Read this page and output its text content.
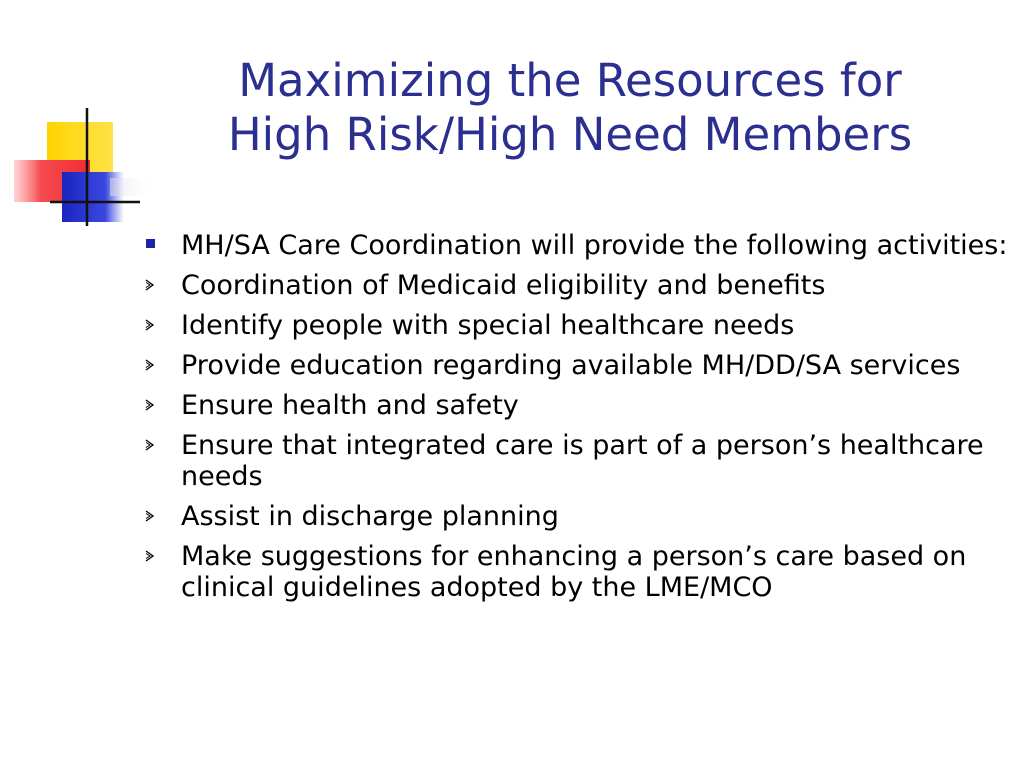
Maximizing the Resources for
High Risk/High Need Members
MH/SA Care Coordination will provide the following activities:
Coordination of Medicaid eligibility and benefits
Identify people with special healthcare needs
Provide education regarding available MH/DD/SA services
Ensure health and safety
Ensure that integrated care is part of a person’s healthcare needs
Assist in discharge planning
Make suggestions for enhancing a person’s care based on clinical guidelines adopted by the LME/MCO
